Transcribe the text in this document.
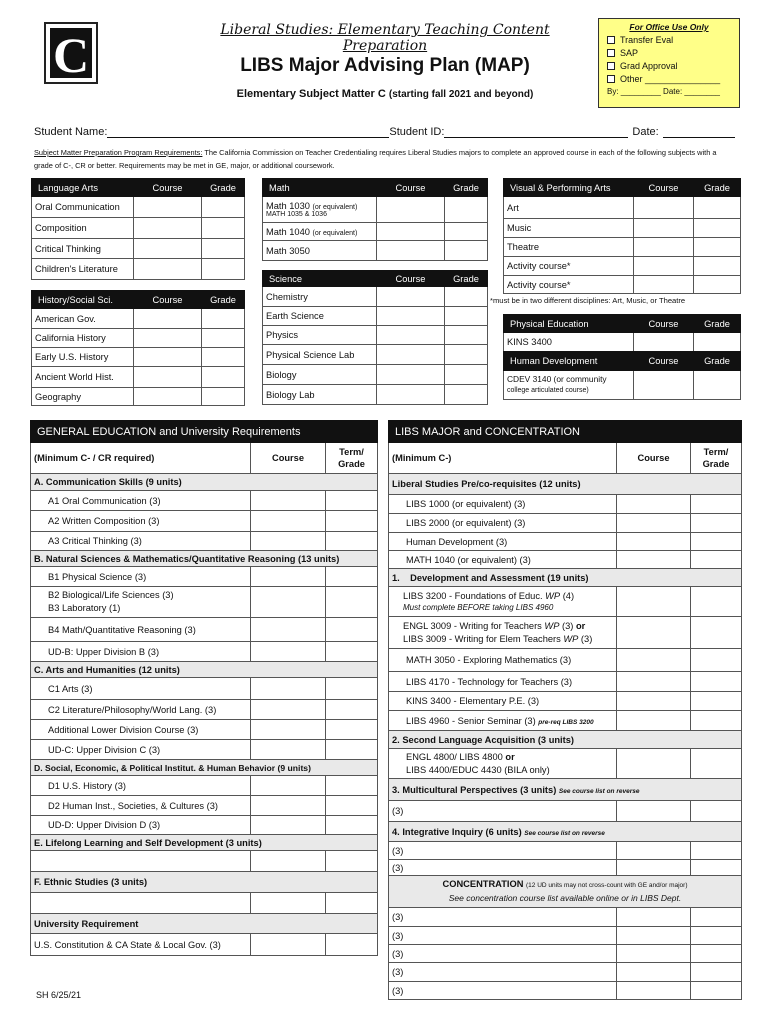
C	Liberal Studies: Elementary Teaching Content Preparation
LIBS Major Advising Plan (MAP)
Elementary Subject Matter C (starting fall 2021 and beyond)
For Office Use Only
Transfer Eval
SAP
Grad Approval
Other _______________
By: _________ Date: ________
Student Name:	Student ID:	Date:
Subject Matter Preparation Program Requirements: The California Commission on Teacher Credentialing requires Liberal Studies majors to complete an approved course in each of the following subjects with a grade of C-, CR or better. Requirements may be met in GE, major, or additional coursework.
Language Arts	Course	Grade
Oral Communication		
Composition		
Critical Thinking		
Children's Literature		
History/Social Sci.	Course	Grade
American Gov.		
California History		
Early U.S. History		
Ancient World Hist.		
Geography		
Math	Course	Grade

Math 1030 (or equivalent)
MATH 1035 & 1036		

Math 1040 (or equivalent)		
Math 3050		
Science	Course	Grade
Chemistry		
Earth Science		
Physics		
Physical Science Lab		
Biology		
Biology Lab		
Visual & Performing Arts	Course	Grade
Art		
Music		
Theatre		
Activity course*		
Activity course*		
*must be in two different disciplines: Art, Music, or Theatre
Physical Education	Course	Grade
KINS 3400		
Human Development	Course	Grade

CDEV 3140 (or community
college articulated course)		

GENERAL EDUCATION and University Requirements		
(Minimum C- / CR required)	Course	Term/ Grade
A. Communication Skills (9 units)		
A1 Oral Communication (3)		
A2 Written Composition (3)		
A3 Critical Thinking (3)		
B. Natural Sciences & Mathematics/Quantitative Reasoning (13 units)		
B1 Physical Science (3)		

B2 Biological/Life Sciences (3)
B3 Laboratory (1)		

B4 Math/Quantitative Reasoning (3)		
UD-B: Upper Division B (3)		
C. Arts and Humanities (12 units)		
C1 Arts (3)		
C2 Literature/Philosophy/World Lang. (3)		
Additional Lower Division Course (3)		
UD-C: Upper Division C (3)		
D. Social, Economic, & Political Institut. & Human Behavior (9 units)		
D1 U.S. History (3)		
D2 Human Inst., Societies, & Cultures (3)		
UD-D: Upper Division D (3)		
E. Lifelong Learning and Self Development (3 units)		

F. Ethnic Studies (3 units)		

University Requirement		
U.S. Constitution & CA State & Local Gov. (3)		
LIBS MAJOR and CONCENTRATION		
(Minimum C-)	Course	Term/ Grade
Liberal Studies Pre/co-requisites (12 units)		
LIBS 1000 (or equivalent) (3)		
LIBS 2000 (or equivalent) (3)		
Human Development (3)		
MATH 1040 (or equivalent) (3)		
1. Development and Assessment (19 units)		

LIBS 3200 - Foundations of Educ. WP (4)
Must complete BEFORE taking LIBS 4960		

ENGL 3009 - Writing for Teachers WP (3) or
LIBS 3009 - Writing for Elem Teachers WP (3)		

MATH 3050 - Exploring Mathematics (3)		
LIBS 4170 - Technology for Teachers (3)		
KINS 3400 - Elementary P.E. (3)		
LIBS 4960 - Senior Seminar (3) pre-req LIBS 3200		
2. Second Language Acquisition (3 units)		

ENGL 4800/ LIBS 4800 or
LIBS 4400/EDUC 4430 (BILA only)		

3. Multicultural Perspectives (3 units) See course list on reverse		
(3)		
4. Integrative Inquiry (6 units) See course list on reverse		
(3)		
(3)		

CONCENTRATION (12 UD units may not cross-count with GE and/or major)
See concentration course list available online or in LIBS Dept.		

(3)		
(3)		
(3)		
(3)		
(3)		
SH 6/25/21
